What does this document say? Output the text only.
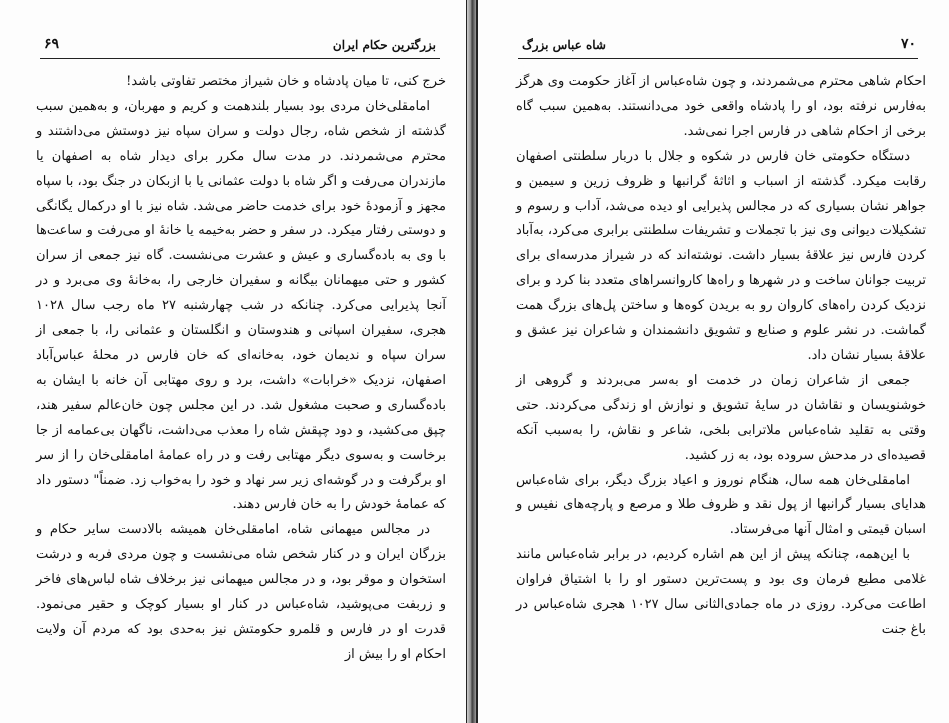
۶۹	بزرگترین حکام ایران

خرج کنی، تا میان پادشاه و خان شیراز مختصر تفاوتی باشد!

امامقلی‌خان مردی بود بسیار بلندهمت و کریم و مهربان، و به‌همین سبب گذشته از شخص شاه، رجال دولت و سران سپاه نیز دوستش می‌داشتند و محترم می‌شمردند. در مدت سال مکرر برای دیدار شاه به اصفهان یا مازندران می‌رفت و اگر شاه با دولت عثمانی یا با ازبکان در جنگ بود، با سپاه مجهز و آزمودهٔ خود برای خدمت حاضر می‌شد. شاه نیز با او درکمال یگانگی و دوستی رفتار میکرد. در سفر و حضر به‌خیمه یا خانهٔ او می‌رفت و ساعت‌ها با وی به باده‌گساری و عیش و عشرت می‌نشست. گاه نیز جمعی از سران کشور و حتی میهمانان بیگانه و سفیران خارجی را، به‌خانهٔ وی می‌برد و در آنجا پذیرایی می‌کرد. چنانکه در شب چهارشنبه ۲۷ ماه رجب سال ۱۰۲۸ هجری، سفیران اسپانی و هندوستان و انگلستان و عثمانی را، با جمعی از سران سپاه و ندیمان خود، به‌خانه‌ای که خان فارس در محلهٔ عباس‌آباد اصفهان، نزدیک «خرابات» داشت، برد و روی مهتابی آن خانه با ایشان به باده‌گساری و صحبت مشغول شد. در این مجلس چون خان‌عالم سفیر هند، چپق می‌کشید، و دود چپقش شاه را معذب می‌داشت، ناگهان بی‌عمامه از جا برخاست و به‌سوی دیگر مهتابی رفت و در راه عمامهٔ امامقلی‌خان را از سر او برگرفت و در گوشه‌ای زیر سر نهاد و خود را به‌خواب زد. ضمناً" دستور داد که عمامهٔ خودش را به خان فارس دهند.

در مجالس میهمانی شاه، امامقلی‌خان همیشه بالادست سایر حکام و بزرگان ایران و در کنار شخص شاه می‌نشست و چون مردی فربه و درشت استخوان و موقر بود، و در مجالس میهمانی نیز برخلاف شاه لباس‌های فاخر و زربفت می‌پوشید، شاه‌عباس در کنار او بسیار کوچک و حقیر می‌نمود. قدرت او در فارس و قلمرو حکومتش نیز به‌حدی بود که مردم آن ولایت احکام او را بیش از

شاه عباس بزرگ	۷۰

احکام شاهی محترم می‌شمردند، و چون شاه‌عباس از آغاز حکومت وی هرگز به‌فارس نرفته بود، او را پادشاه واقعی خود می‌دانستند. به‌همین سبب گاه برخی از احکام شاهی در فارس اجرا نمی‌شد.

دستگاه حکومتی خان فارس در شکوه و جلال با دربار سلطنتی اصفهان رقابت میکرد. گذشته از اسباب و اثاثهٔ گرانبها و ظروف زرین و سیمین و جواهر نشان بسیاری که در مجالس پذیرایی او دیده می‌شد، آداب و رسوم و تشکیلات دیوانی وی نیز با تجملات و تشریفات سلطنتی برابری می‌کرد، به‌آباد کردن فارس نیز علاقهٔ بسیار داشت. نوشته‌اند که در شیراز مدرسه‌ای برای تربیت جوانان ساخت و در شهرها و راه‌ها کاروانسراهای متعدد بنا کرد و برای نزدیک کردن راه‌های کاروان رو به بریدن کوه‌ها و ساختن پل‌های بزرگ همت گماشت. در نشر علوم و صنایع و تشویق دانشمندان و شاعران نیز عشق و علاقهٔ بسیار نشان داد.

جمعی از شاعران زمان در خدمت او به‌سر می‌بردند و گروهی از خوشنویسان و نقاشان در سایهٔ تشویق و نوازش او زندگی می‌کردند. حتی وقتی به تقلید شاه‌عباس ملاترابی بلخی، شاعر و نقاش، را به‌سبب آنکه قصیده‌ای در مدحش سروده بود، به زر کشید.

امامقلی‌خان همه سال، هنگام نوروز و اعیاد بزرگ دیگر، برای شاه‌عباس هدایای بسیار گرانبها از پول نقد و ظروف طلا و مرصع و پارچه‌های نفیس و اسبان قیمتی و امثال آنها می‌فرستاد.

با این‌همه، چنانکه پیش از این هم اشاره کردیم، در برابر شاه‌عباس مانند غلامی مطیع فرمان وی بود و پست‌ترین دستور او را با اشتیاق فراوان اطاعت می‌کرد. روزی در ماه جمادی‌الثانی سال ۱۰۲۷ هجری شاه‌عباس در باغ جنت
